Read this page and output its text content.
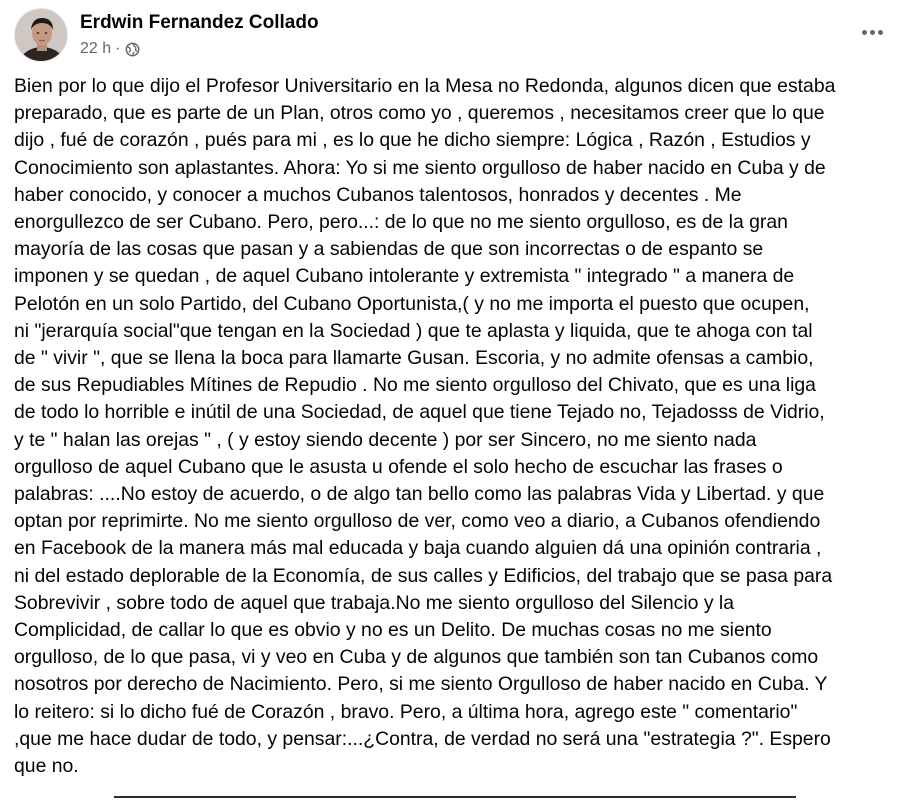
Erdwin Fernandez Collado
22 h ·
Bien por lo que dijo el Profesor Universitario en la Mesa no Redonda, algunos dicen que estaba
preparado, que es parte de un Plan, otros como yo , queremos , necesitamos creer que lo que
dijo , fué de corazón , pués para mi , es lo que he dicho siempre: Lógica , Razón , Estudios y
Conocimiento son aplastantes. Ahora: Yo si me siento orgulloso de haber nacido en Cuba y de
haber conocido, y conocer a muchos Cubanos talentosos, honrados y decentes . Me
enorgullezco de ser Cubano. Pero, pero...: de lo que no me siento orgulloso, es de la gran
mayoría de las cosas que pasan y a sabiendas de que son incorrectas o de espanto se
imponen y se quedan , de aquel Cubano intolerante y extremista " integrado " a manera de
Pelotón en un solo Partido, del Cubano Oportunista,( y no me importa el puesto que ocupen,
ni "jerarquía social"que tengan en la Sociedad ) que te aplasta y liquida, que te ahoga con tal
de " vivir ", que se llena la boca para llamarte Gusan. Escoria, y no admite ofensas a cambio,
de sus Repudiables Mítines de Repudio . No me siento orgulloso del Chivato, que es una liga
de todo lo horrible e inútil de una Sociedad, de aquel que tiene Tejado no, Tejadosss de Vidrio,
y te " halan las orejas " , ( y estoy siendo decente ) por ser Sincero, no me siento nada
orgulloso de aquel Cubano que le asusta u ofende el solo hecho de escuchar las frases o
palabras: ....No estoy de acuerdo, o de algo tan bello como las palabras Vida y Libertad. y que
optan por reprimirte. No me siento orgulloso de ver, como veo a diario, a Cubanos ofendiendo
en Facebook de la manera más mal educada y baja cuando alguien dá una opinión contraria ,
ni del estado deplorable de la Economía, de sus calles y Edificios, del trabajo que se pasa para
Sobrevivir , sobre todo de aquel que trabaja.No me siento orgulloso del Silencio y la
Complicidad, de callar lo que es obvio y no es un Delito. De muchas cosas no me siento
orgulloso, de lo que pasa, vi y veo en Cuba y de algunos que también son tan Cubanos como
nosotros por derecho de Nacimiento. Pero, si me siento Orgulloso de haber nacido en Cuba. Y
lo reitero: si lo dicho fué de Corazón , bravo. Pero, a última hora, agrego este " comentario"
,que me hace dudar de todo, y pensar:...¿Contra, de verdad no será una "estrategia ?". Espero
que no.
